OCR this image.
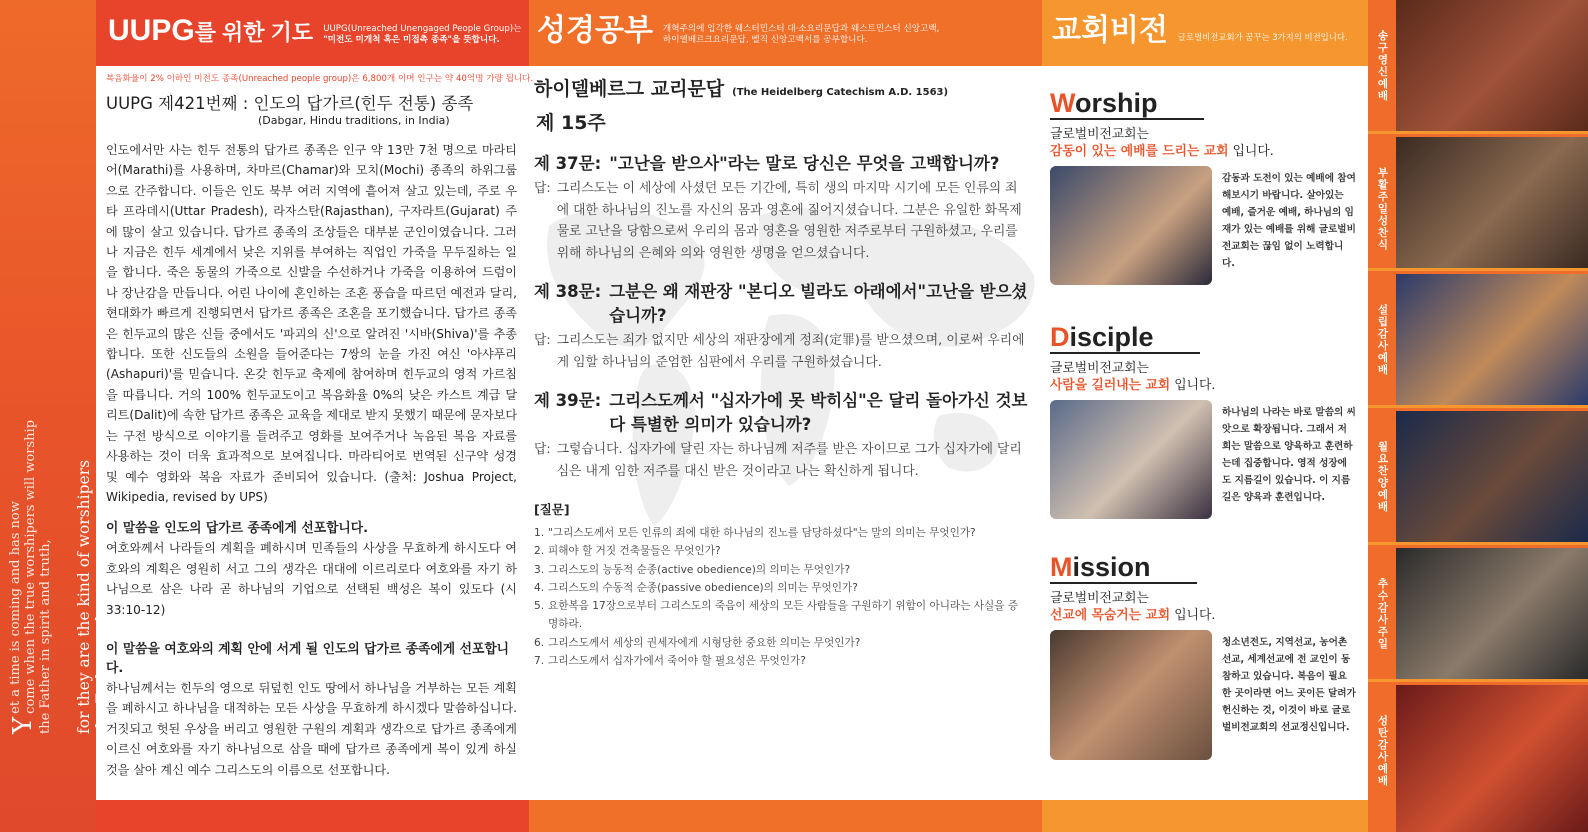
Y
et a time is coming and has now come when the true worshipers will worship the Father in spirit and truth, for they are the kind of worshipers the Father seeks. [John 4:23]
UUPG를 위한 기도 UUPG(Unreached Unengaged People Group)는
"미전도 미개척 혹은 미접촉 종족"을 뜻합니다.	성경공부 개혁주의에 입각한 웨스터민스터 대·소요리문답과 웨스트민스터 신앙고백,
하이델베르크요리문답, 벨직 신앙고백서를 공부합니다.	교회비전 글로벌비전교회가 꿈꾸는 3가지의 비전입니다.

복음화율이 2% 이하인 미전도 종족(Unreached people group)은 6,800개 이며 인구는 약 40억명 가량 됩니다.

UUPG 제421번째 : 인도의 답가르(힌두 전통) 종족
(Dabgar, Hindu traditions, in India)

인도에서만 사는 힌두 전통의 답가르 종족은 인구 약 13만 7천 명으로 마라티어(Marathi)를 사용하며, 차마르(Chamar)와 모치(Mochi) 종족의 하위그룹으로 간주합니다. 이들은 인도 북부 여러 지역에 흩어져 살고 있는데, 주로 우타 프라데시(Uttar Pradesh), 라자스탄(Rajasthan), 구자라트(Gujarat) 주에 많이 살고 있습니다. 답가르 종족의 조상들은 대부분 군인이였습니다. 그러나 지금은 힌두 세계에서 낮은 지위를 부여하는 직업인 가죽을 무두질하는 일을 합니다. 죽은 동물의 가죽으로 신발을 수선하거나 가죽을 이용하여 드럼이나 장난감을 만듭니다. 어린 나이에 혼인하는 조혼 풍습을 따르던 예전과 달리, 현대화가 빠르게 진행되면서 답가르 종족은 조혼을 포기했습니다. 답가르 종족은 힌두교의 많은 신들 중에서도 '파괴의 신'으로 알려진 '시바(Shiva)'를 추종합니다. 또한 신도들의 소원을 들어준다는 7쌍의 눈을 가진 여신 '아샤푸리(Ashapuri)'를 믿습니다. 온갖 힌두교 축제에 참여하며 힌두교의 영적 가르침을 따릅니다. 거의 100% 힌두교도이고 복음화율 0%의 낮은 카스트 계급 달리트(Dalit)에 속한 답가르 종족은 교육을 제대로 받지 못했기 때문에 문자보다는 구전 방식으로 이야기를 들려주고 영화를 보여주거나 녹음된 복음 자료를 사용하는 것이 더욱 효과적으로 보여집니다. 마라티어로 번역된 신구약 성경 및 예수 영화와 복음 자료가 준비되어 있습니다. (출처: Joshua Project, Wikipedia, revised by UPS)

이 말씀을 인도의 답가르 종족에게 선포합니다.

여호와께서 나라들의 계획을 폐하시며 민족들의 사상을 무효하게 하시도다 여호와의 계획은 영원히 서고 그의 생각은 대대에 이르리로다 여호와를 자기 하나님으로 삼은 나라 곧 하나님의 기업으로 선택된 백성은 복이 있도다 (시 33:10-12)

이 말씀을 여호와의 계획 안에 서게 될 인도의 답가르 종족에게 선포합니다.

하나님께서는 힌두의 영으로 뒤덮힌 인도 땅에서 하나님을 거부하는 모든 계획을 폐하시고 하나님을 대적하는 모든 사상을 무효하게 하시겠다 말씀하십니다. 거짓되고 헛된 우상을 버리고 영원한 구원의 계획과 생각으로 답가르 종족에게 이르신 여호와를 자기 하나님으로 삼을 때에 답가르 종족에게 복이 있게 하실 것을 살아 계신 예수 그리스도의 이름으로 선포합니다.

하이델베르그 교리문답 (The Heidelberg Catechism A.D. 1563)
제 15주
제 37문: "고난을 받으사"라는 말로 당신은 무엇을 고백합니까?
답: 그리스도는 이 세상에 사셨던 모든 기간에, 특히 생의 마지막 시기에 모든 인류의 죄에 대한 하나님의 진노를 자신의 몸과 영혼에 짊어지셨습니다. 그분은 유일한 화목제물로 고난을 당함으로써 우리의 몸과 영혼을 영원한 저주로부터 구원하셨고, 우리를 위해 하나님의 은혜와 의와 영원한 생명을 얻으셨습니다.
제 38문: 그분은 왜 재판장 "본디오 빌라도 아래에서"고난을 받으셨습니까?
답: 그리스도는 죄가 없지만 세상의 재판장에게 정죄(定罪)를 받으셨으며, 이로써 우리에게 임할 하나님의 준엄한 심판에서 우리를 구원하셨습니다.
제 39문: 그리스도께서 "십자가에 못 박히심"은 달리 돌아가신 것보다 특별한 의미가 있습니까?
답: 그렇습니다. 십자가에 달린 자는 하나님께 저주를 받은 자이므로 그가 십자가에 달리심은 내게 임한 저주를 대신 받은 것이라고 나는 확신하게 됩니다.
[질문]
1. "그리스도께서 모든 인류의 죄에 대한 하나님의 진노를 담당하셨다"는 말의 의미는 무엇인가?
2. 피해야 할 거짓 건축물들은 무엇인가?
3. 그리스도의 능동적 순종(active obedience)의 의미는 무엇인가?
4. 그리스도의 수동적 순종(passive obedience)의 의미는 무엇인가?
5. 요한복음 17장으로부터 그리스도의 죽음이 세상의 모든 사람들을 구원하기 위함이 아니라는 사실을 증명하라.
6. 그리스도께서 세상의 권세자에게 시형당한 중요한 의미는 무엇인가?
7. 그리스도께서 십자가에서 죽어야 할 필요성은 무엇인가?
Worship

글로벌비전교회는
감동이 있는 예배를 드리는 교회 입니다.

감동과 도전이 있는 예배에 참여해보시기 바랍니다. 살아있는 예배, 즐거운 예배, 하나님의 임재가 있는 예배를 위해 글로벌비전교회는 끊임 없이 노력합니다.
Disciple

글로벌비전교회는
사람을 길러내는 교회 입니다.

하나님의 나라는 바로 말씀의 씨앗으로 확장됩니다. 그래서 저희는 말씀으로 양육하고 훈련하는데 집중합니다. 영적 성장에도 지름길이 있습니다. 이 지름길은 양육과 훈련입니다.
Mission

글로벌비전교회는
선교에 목숨거는 교회 입니다.

청소년전도, 지역선교, 농어촌선교, 세계선교에 전 교인이 동참하고 있습니다. 복음이 필요한 곳이라면 어느 곳이든 달려가 헌신하는 것, 이것이 바로 글로벌비전교회의 선교정신입니다.
송구영신예배
부활주일성찬식
설립감사예배
월요찬양예배
추수감사주일
성탄감사예배
